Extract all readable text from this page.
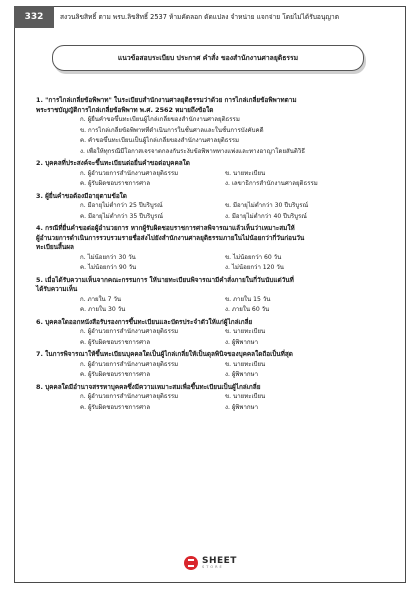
332	สงวนลิขสิทธิ์ ตาม พรบ.ลิขสิทธิ์ 2537 ห้ามคัดลอก ดัดแปลง จำหน่าย แจกจ่าย โดยไม่ได้รับอนุญาต
แนวข้อสอบระเบียบ ประกาศ คำสั่ง ของสำนักงานศาลยุติธรรม
1. "การไกล่เกลี่ยข้อพิพาท" ในระเบียบสำนักงานศาลยุติธรรมว่าด้วย การไกล่เกลี่ยข้อพิพาทตาม
พระราชบัญญัติการไกล่เกลี่ยข้อพิพาท พ.ศ. 2562 หมายถึงข้อใด
ก. ผู้ยื่นคำขอขึ้นทะเบียนผู้ไกล่เกลี่ยของสำนักงานศาลยุติธรรม
ข. การไกล่เกลี่ยข้อพิพาทที่ดำเนินการในชั้นศาลและในชั้นการบังคับคดี
ค. คำขอขึ้นทะเบียนเป็นผู้ไกล่เกลี่ยของสำนักงานศาลยุติธรรม
ง. เพื่อให้ทุกรณีมีโอกาสเจรจาตกลงกันระงับข้อพิพาททางแพ่งและทางอาญาโดยสันติวิธี
2. บุคคลที่ประสงค์จะขึ้นทะเบียนต่อยื่นคำขอต่อบุคคลใด
ก. ผู้อำนวยการสำนักงานศาลยุติธรรม	ข. นายทะเบียน
ค. ผู้รับผิดชอบราชการศาล	ง. เลขาธิการสำนักงานศาลยุติธรรม
3. ผู้ยื่นคำขอต้องมีอายุตามข้อใด
ก. มีอายุไม่ต่ำกว่า 25 ปีบริบูรณ์	ข. มีอายุไม่ต่ำกว่า 30 ปีบริบูรณ์
ค. มีอายุไม่ต่ำกว่า 35 ปีบริบูรณ์	ง. มีอายุไม่ต่ำกว่า 40 ปีบริบูรณ์
4. กรณีที่ยื่นคำขอต่อผู้อำนวยการ หากผู้รับผิดชอบราชการศาลพิจารณาแล้วเห็นว่าเหมาะสมให้
ผู้อำนวยการดำเนินการรวบรวมรายชื่อส่งไปยังสำนักงานศาลยุติธรรมภายในไม่น้อยกว่ากี่วันก่อนวัน
ทะเบียนสิ้นผล
ก. ไม่น้อยกว่า 30 วัน	ข. ไม่น้อยกว่า 60 วัน
ค. ไม่น้อยกว่า 90 วัน	ง. ไม่น้อยกว่า 120 วัน
5. เมื่อได้รับความเห็นจากคณะกรรมการ ให้นายทะเบียนพิจารณามีคำสั่งภายในกี่วันนับแต่วันที่
ได้รับความเห็น
ก. ภายใน 7 วัน	ข. ภายใน 15 วัน
ค. ภายใน 30 วัน	ง. ภายใน 60 วัน
6. บุคคลใดออกหนังสือรับรองการขึ้นทะเบียนและบัตรประจำตัวให้แก่ผู้ไกล่เกลี่ย
ก. ผู้อำนวยการสำนักงานศาลยุติธรรม	ข. นายทะเบียน
ค. ผู้รับผิดชอบราชการศาล	ง. ผู้พิพากษา
7. ในการพิจารณาให้ขึ้นทะเบียนบุคคลใดเป็นผู้ไกล่เกลี่ยให้เป็นดุลพินิจของบุคคลใดถือเป็นที่สุด
ก. ผู้อำนวยการสำนักงานศาลยุติธรรม	ข. นายทะเบียน
ค. ผู้รับผิดชอบราชการศาล	ง. ผู้พิพากษา
8. บุคคลใดมีอำนาจสรรหาบุคคลซึ่งมีความเหมาะสมเพื่อขึ้นทะเบียนเป็นผู้ไกล่เกลี่ย
ก. ผู้อำนวยการสำนักงานศาลยุติธรรม	ข. นายทะเบียน
ค. ผู้รับผิดชอบราชการศาล	ง. ผู้พิพากษา
SHEET
STORE
